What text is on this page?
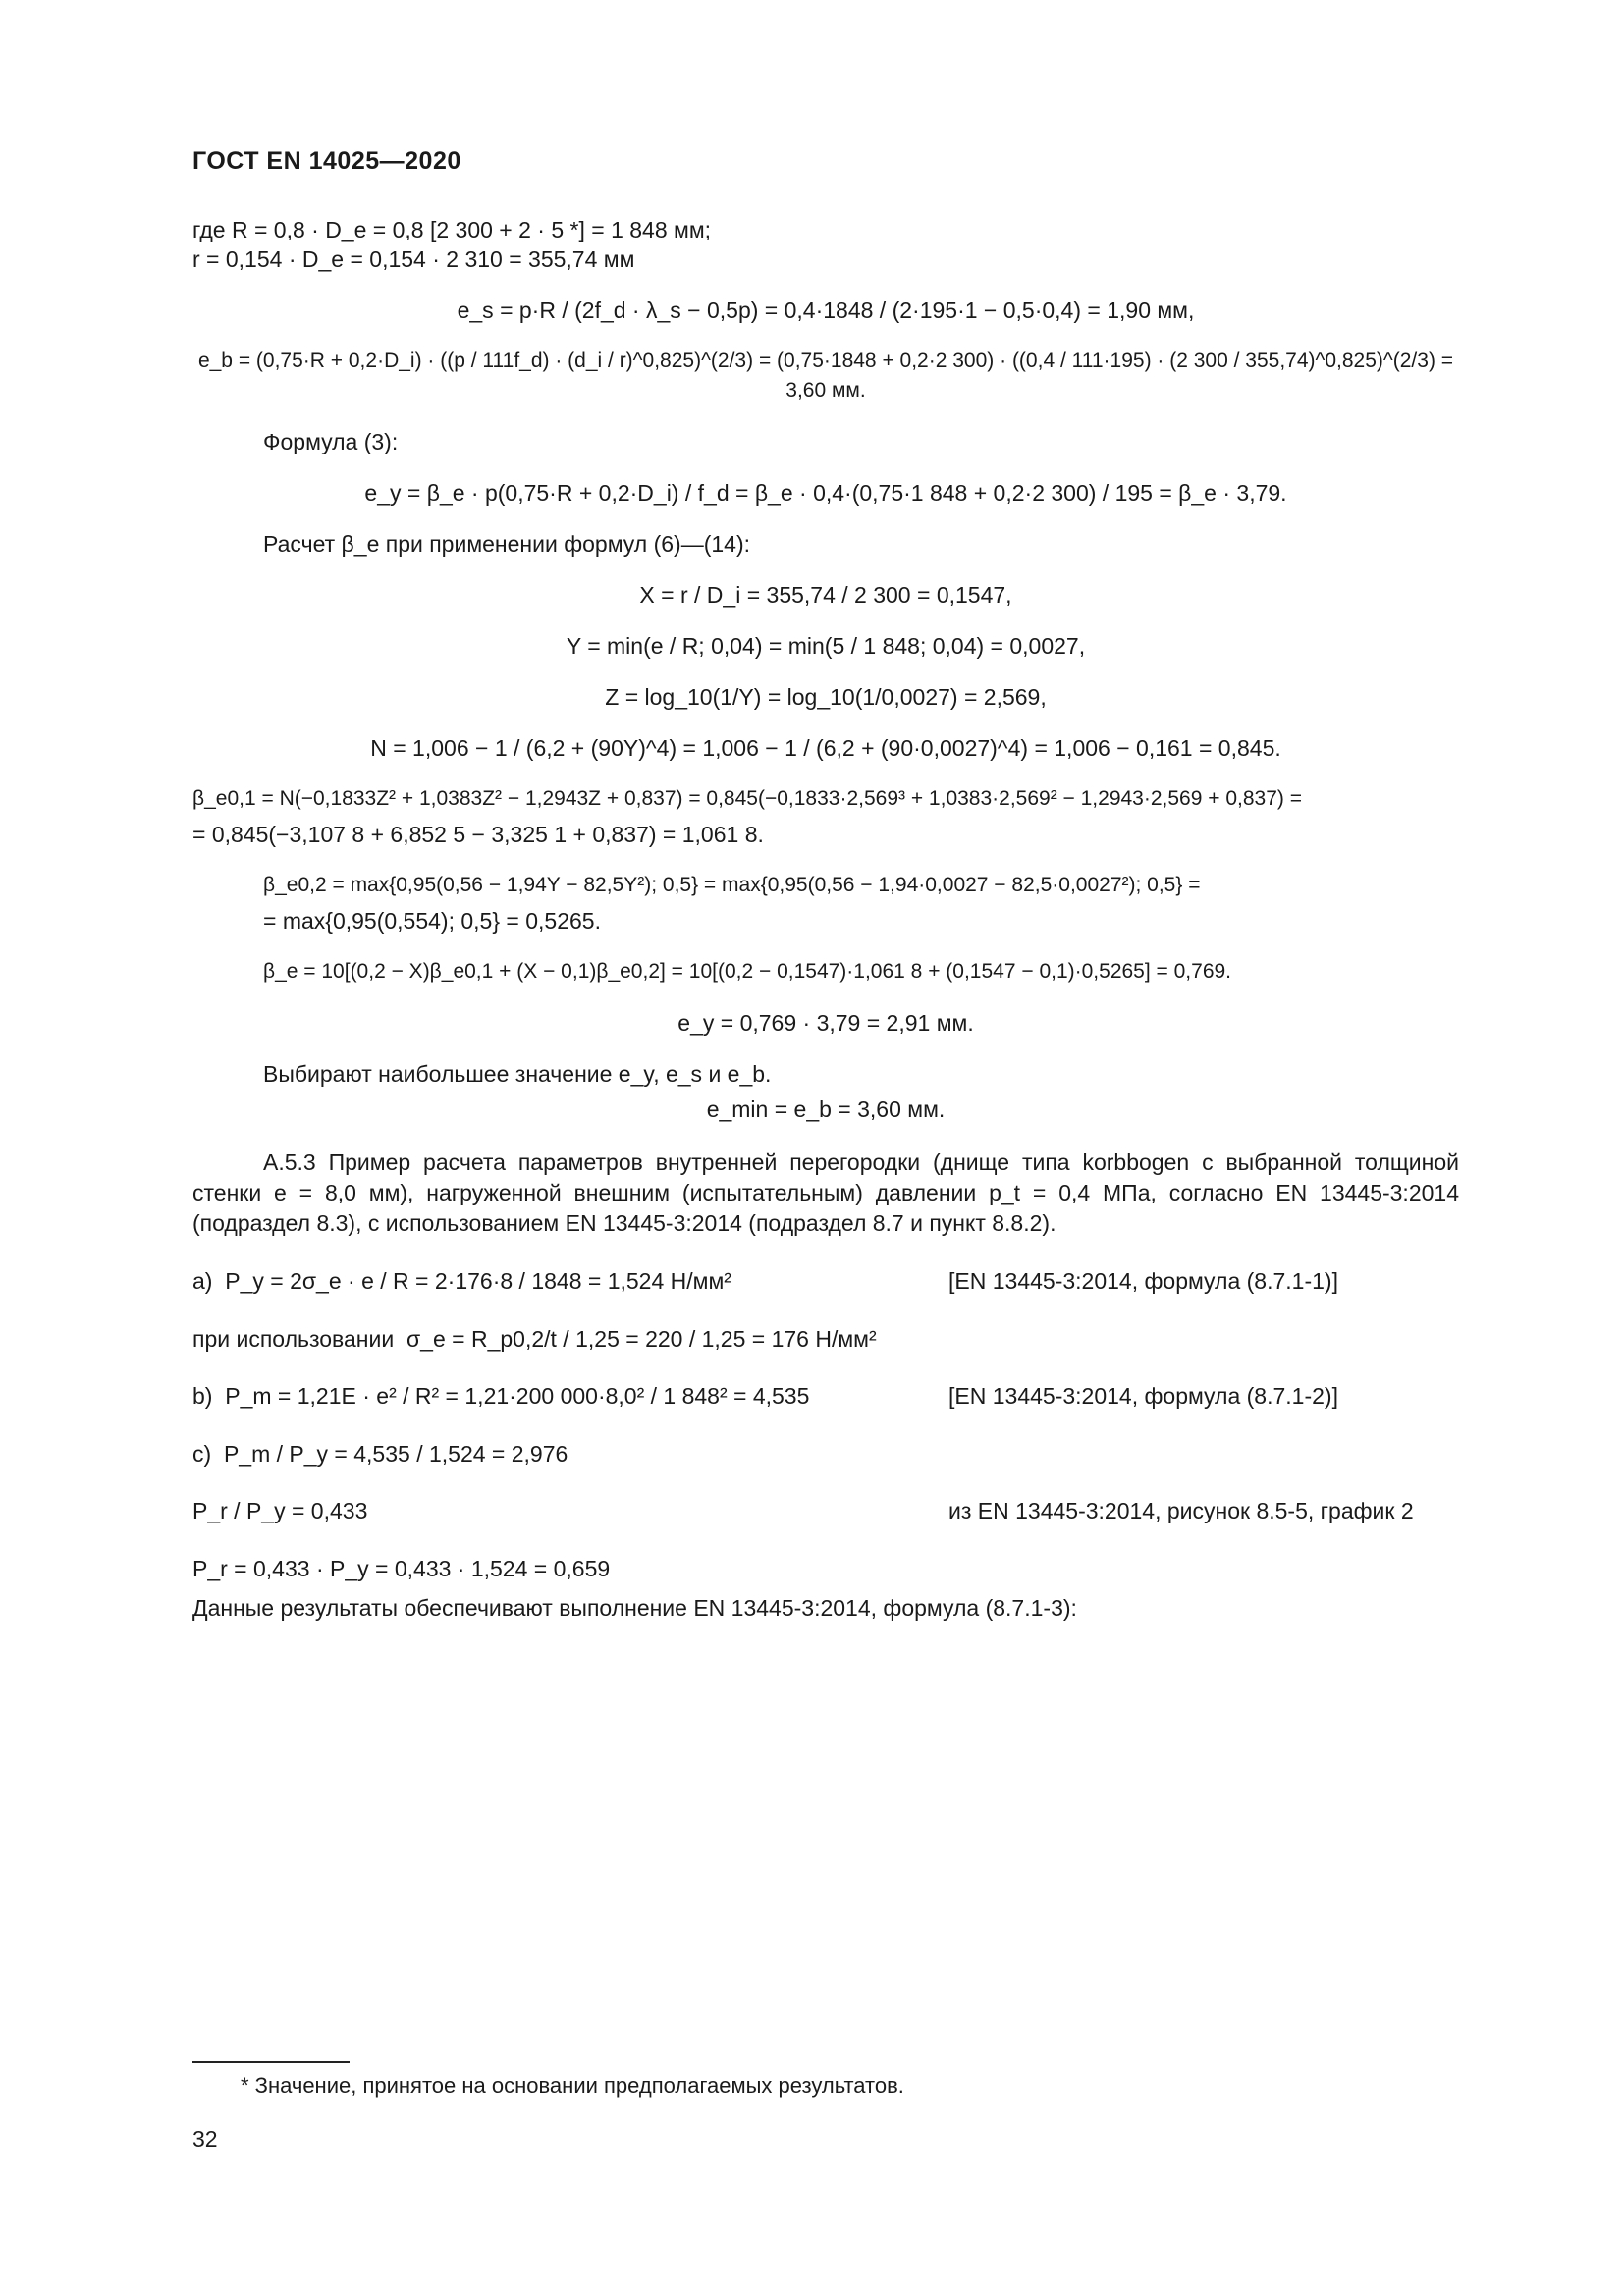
ГОСТ EN 14025—2020
где R = 0,8 · D_e = 0,8 [2 300 + 2 · 5 *] = 1 848 мм;
r = 0,154 · D_e = 0,154 · 2 310 = 355,74 мм
e_s = p·R / (2f_d · λ_s − 0,5p) = 0,4·1848 / (2·195·1 − 0,5·0,4) = 1,90 мм,
e_b = (0,75·R + 0,2·D_i) · ((p / 111f_d) · (d_i / r)^0,825)^(2/3) = (0,75·1848 + 0,2·2 300) · ((0,4 / 111·195) · (2 300 / 355,74)^0,825)^(2/3) = 3,60 мм.
Формула (3):
e_y = β_e · p(0,75·R + 0,2·D_i) / f_d = β_e · 0,4·(0,75·1 848 + 0,2·2 300) / 195 = β_e · 3,79.
Расчет β_e при применении формул (6)—(14):
X = r / D_i = 355,74 / 2 300 = 0,1547,
Y = min(e / R; 0,04) = min(5 / 1 848; 0,04) = 0,0027,
Z = log_10(1/Y) = log_10(1/0,0027) = 2,569,
N = 1,006 − 1 / (6,2 + (90Y)^4) = 1,006 − 1 / (6,2 + (90·0,0027)^4) = 1,006 − 0,161 = 0,845.
β_e0,1 = N(−0,1833Z² + 1,0383Z² − 1,2943Z + 0,837) = 0,845(−0,1833·2,569³ + 1,0383·2,569² − 1,2943·2,569 + 0,837) =
= 0,845(−3,107 8 + 6,852 5 − 3,325 1 + 0,837) = 1,061 8.
β_e0,2 = max{0,95(0,56 − 1,94Y − 82,5Y²); 0,5} = max{0,95(0,56 − 1,94·0,0027 − 82,5·0,0027²); 0,5} =
= max{0,95(0,554); 0,5} = 0,5265.
β_e = 10[(0,2 − X)β_e0,1 + (X − 0,1)β_e0,2] = 10[(0,2 − 0,1547)·1,061 8 + (0,1547 − 0,1)·0,5265] = 0,769.
e_y = 0,769 · 3,79 = 2,91 мм.
Выбирают наибольшее значение e_y, e_s и e_b.
e_min = e_b = 3,60 мм.
А.5.3 Пример расчета параметров внутренней перегородки (днище типа korbbogen с выбранной толщиной стенки e = 8,0 мм), нагруженной внешним (испытательным) давлении p_t = 0,4 МПа, согласно EN 13445-3:2014 (подраздел 8.3), с использованием EN 13445-3:2014 (подраздел 8.7 и пункт 8.8.2).
a)  P_y = 2σ_e · e / R = 2·176·8 / 1848 = 1,524 Н/мм²	[EN 13445-3:2014, формула (8.7.1-1)]
при использовании  σ_e = R_p0,2/t / 1,25 = 220 / 1,25 = 176 Н/мм²
b)  P_m = 1,21E · e² / R² = 1,21·200 000·8,0² / 1 848² = 4,535	[EN 13445-3:2014, формула (8.7.1-2)]
c)  P_m / P_y = 4,535 / 1,524 = 2,976
P_r / P_y = 0,433	из EN 13445-3:2014, рисунок 8.5-5, график 2
P_r = 0,433 · P_y = 0,433 · 1,524 = 0,659
Данные результаты обеспечивают выполнение EN 13445-3:2014, формула (8.7.1-3):
* Значение, принятое на основании предполагаемых результатов.
32
